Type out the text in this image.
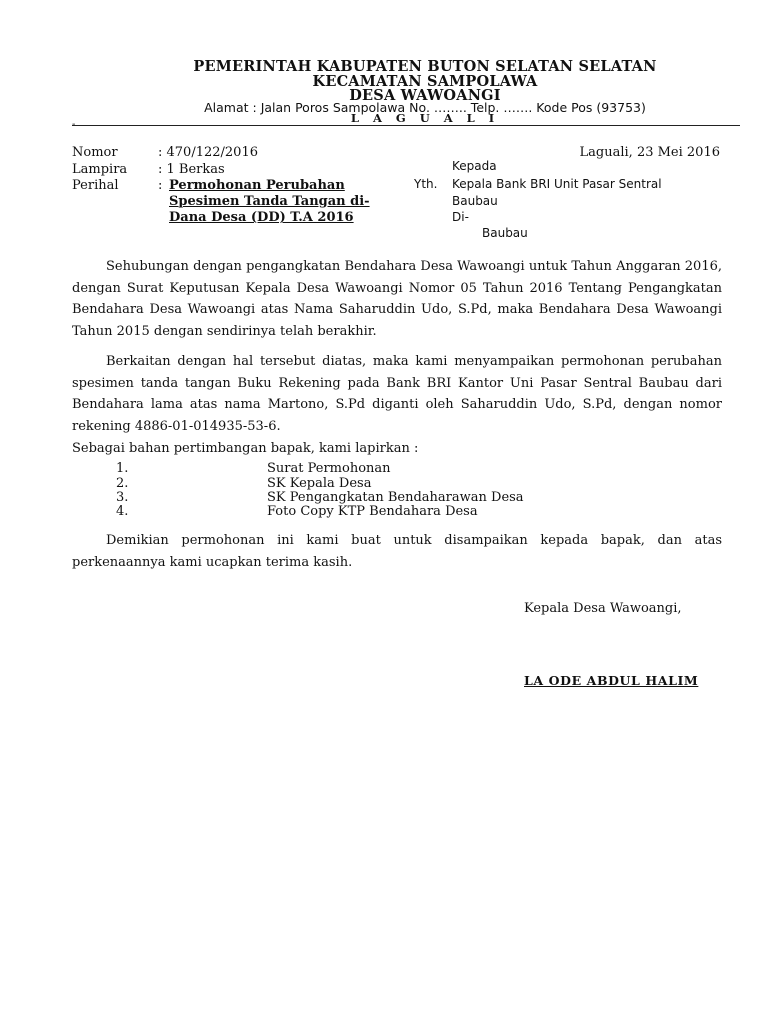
PEMERINTAH KABUPATEN BUTON SELATAN SELATAN
KECAMATAN SAMPOLAWA
DESA WAWOANGI
Alamat : Jalan Poros Sampolawa No. …….. Telp. ……. Kode Pos (93753)
L A G U A L I
-
Nomor	: 470/122/2016
Lampira : 1 Berkas
Perihal	: Permohonan Perubahan
Spesimen Tanda Tangan di-
Dana Desa (DD) T.A 2016
Laguali, 23 Mei 2016
Kepada
Yth. Kepala Bank BRI Unit Pasar Sentral
Baubau
Di-
Baubau
Sehubungan dengan pengangkatan Bendahara Desa Wawoangi untuk Tahun Anggaran 2016, dengan Surat Keputusan Kepala Desa Wawoangi Nomor 05 Tahun 2016 Tentang Pengangkatan Bendahara Desa Wawoangi atas Nama Saharuddin Udo, S.Pd, maka Bendahara Desa Wawoangi Tahun 2015 dengan sendirinya telah berakhir.
Berkaitan dengan hal tersebut diatas, maka kami menyampaikan permohonan perubahan spesimen tanda tangan Buku Rekening pada Bank BRI Kantor Uni Pasar Sentral Baubau dari Bendahara lama atas nama Martono, S.Pd diganti oleh Saharuddin Udo, S.Pd, dengan nomor rekening 4886-01-014935-53-6.
Sebagai bahan pertimbangan bapak, kami lapirkan :
1.	Surat Permohonan
2.	SK Kepala Desa
3.	SK Pengangkatan Bendaharawan Desa
4.	Foto Copy KTP Bendahara Desa
Demikian permohonan ini kami buat untuk disampaikan kepada bapak, dan atas perkenaannya kami ucapkan terima kasih.
Kepala Desa Wawoangi,
LA ODE ABDUL HALIM
